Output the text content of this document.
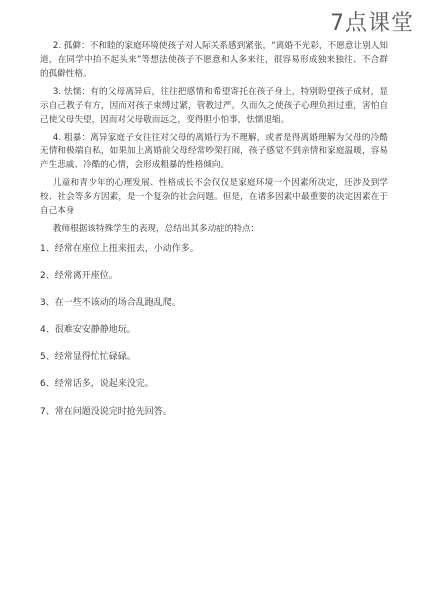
7点课堂

2. 孤僻：不和睦的家庭环境使孩子对人际关系感到紧张，“离婚不光彩，不愿意让别人知道，在同学中抬不起头来”等想法使孩子不愿意和人多来往，很容易形成独来独往、不合群的孤僻性格。

3. 怯懦：有的父母离异后，往往把感情和希望寄托在孩子身上，特别盼望孩子成材，显示自己教子有方，因而对孩子束缚过紧，管教过严。久而久之使孩子心理负担过重，害怕自己使父母失望，因而对父母敬而远之，变得胆小怕事，怯懦退缩。

4. 粗暴：离异家庭子女往往对父母的离婚行为不理解，或者是得离婚理解为父母的冷酷无情和极端自私，如果加上离婚前父母经常吵架打闹，孩子感觉不到亲情和家庭温暖，容易产生悲戚、冷酷的心情，会形成粗暴的性格倾向。

儿童和青少年的心理发展、性格成长不会仅仅是家庭环境一个因素所决定，还涉及到学校、社会等多方因素，是一个复杂的社会问题。但是，在诸多因素中最重要的决定因素在于自己本身

教师根据该特殊学生的表现，总结出其多动症的特点：

1、经常在座位上扭来扭去，小动作多。
2、经常离开座位。
3、在一些不该动的场合乱跑乱爬。
4、很难安安静静地玩。
5、经常显得忙忙碌碌。
6、经常话多，说起来没完。
7、常在问题没说完时抢先回答。
